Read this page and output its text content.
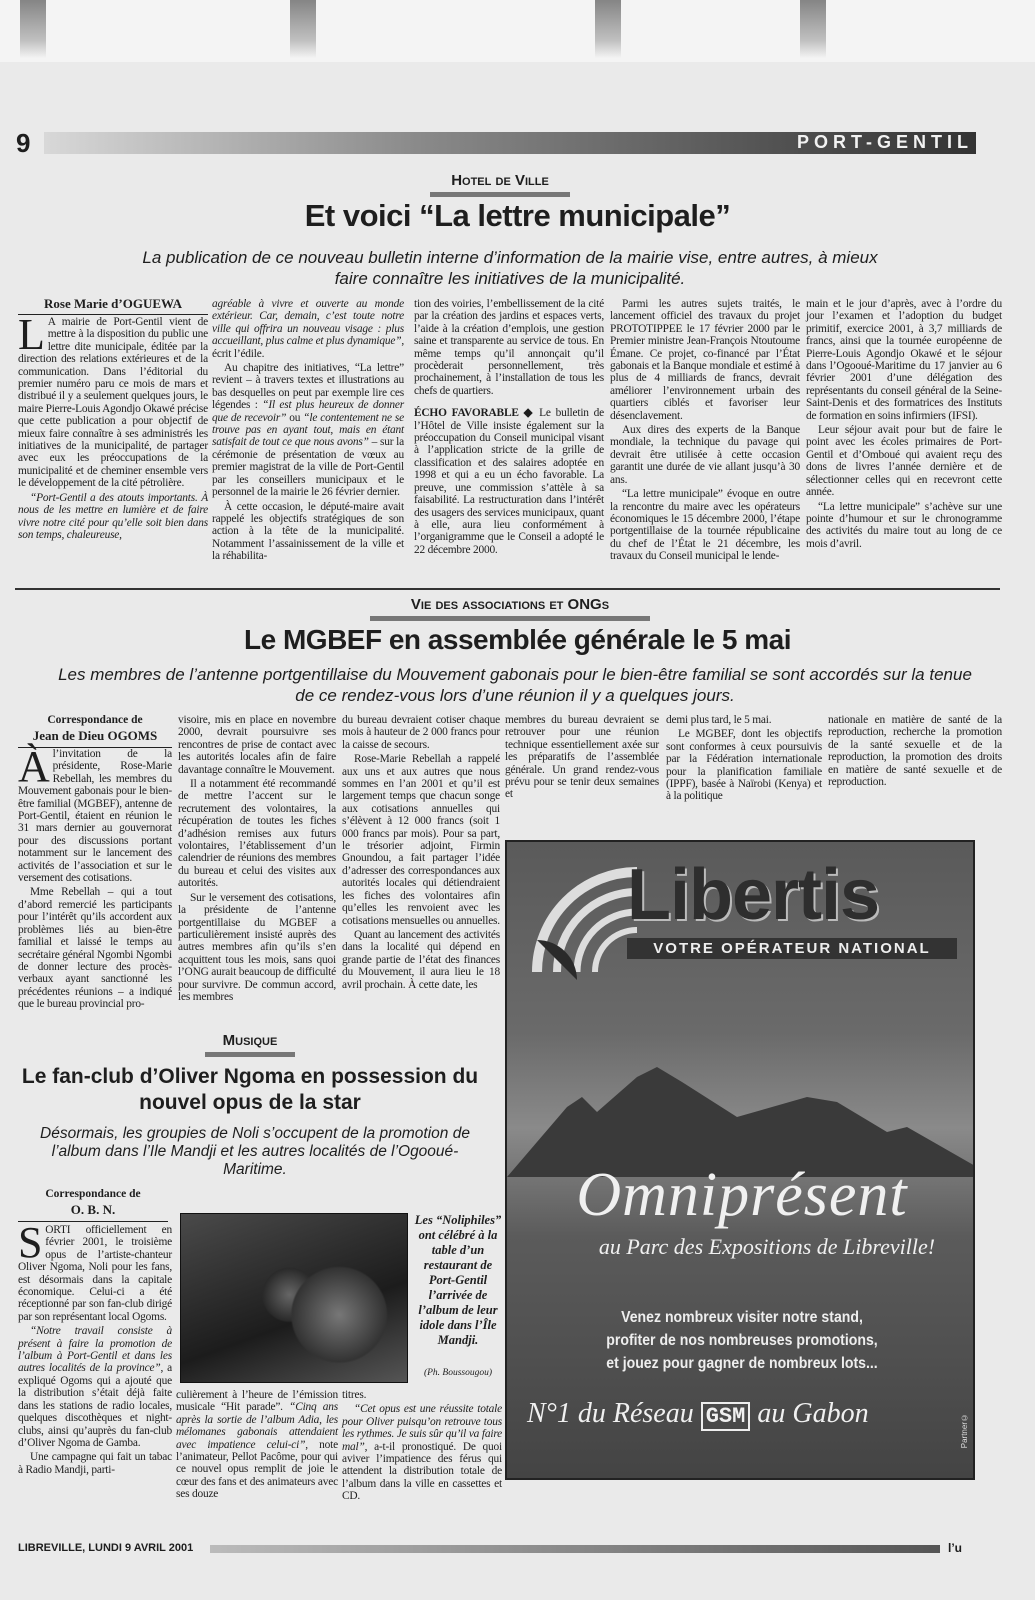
9	PORT-GENTIL
Hotel de Ville
Et voici “La lettre municipale”
La publication de ce nouveau bulletin interne d’information de la mairie vise, entre autres, à mieux faire connaître les initiatives de la municipalité.
Rose Marie d’OGUEWA

L A mairie de Port-Gentil vient de mettre à la disposition du public une lettre dite municipale, éditée par la direction des relations extérieures et de la communication. Dans l’éditorial du premier numéro paru ce mois de mars et distribué il y a seulement quelques jours, le maire Pierre-Louis Agondjo Okawé précise que cette publication a pour objectif de mieux faire connaître à ses administrés les initiatives de la municipalité, de partager avec eux les préoccupations de la municipalité et de cheminer ensemble vers le développement de la cité pétrolière.

“Port-Gentil a des atouts importants. À nous de les mettre en lumière et de faire vivre notre cité pour qu’elle soit bien dans son temps, chaleureuse,

agréable à vivre et ouverte au monde extérieur. Car, demain, c’est toute notre ville qui offrira un nouveau visage : plus accueillant, plus calme et plus dynamique”, écrit l’édile.

Au chapitre des initiatives, “La lettre” revient – à travers textes et illustrations au bas desquelles on peut par exemple lire ces légendes : “Il est plus heureux de donner que de recevoir” ou “le contentement ne se trouve pas en ayant tout, mais en étant satisfait de tout ce que nous avons” – sur la cérémonie de présentation de vœux au premier magistrat de la ville de Port-Gentil par les conseillers municipaux et le personnel de la mairie le 26 février dernier.

À cette occasion, le député-maire avait rappelé les objectifs stratégiques de son action à la tête de la municipalité. Notamment l’assainissement de la ville et la réhabilita-

tion des voiries, l’embellissement de la cité par la création des jardins et espaces verts, l’aide à la création d’emplois, une gestion saine et transparente au service de tous. En même temps qu’il annonçait qu’il procèderait personnellement, très prochainement, à l’installation de tous les chefs de quartiers.

ÉCHO FAVORABLE ◆ Le bulletin de l’Hôtel de Ville insiste également sur la préoccupation du Conseil municipal visant à l’application stricte de la grille de classification et des salaires adoptée en 1998 et qui a eu un écho favorable. La preuve, une commission s’attèle à sa faisabilité. La restructuration dans l’intérêt des usagers des services municipaux, quant à elle, aura lieu conformément à l’organigramme que le Conseil a adopté le 22 décembre 2000.

Parmi les autres sujets traités, le lancement officiel des travaux du projet PROTOTIPPEE le 17 février 2000 par le Premier ministre Jean-François Ntoutoume Émane. Ce projet, co-financé par l’État gabonais et la Banque mondiale et estimé à plus de 4 milliards de francs, devrait améliorer l’environnement urbain des quartiers ciblés et favoriser leur désenclavement.

Aux dires des experts de la Banque mondiale, la technique du pavage qui devrait être utilisée à cette occasion garantit une durée de vie allant jusqu’à 30 ans.

“La lettre municipale” évoque en outre la rencontre du maire avec les opérateurs économiques le 15 décembre 2000, l’étape portgentillaise de la tournée républicaine du chef de l’État le 21 décembre, les travaux du Conseil municipal le lende-

main et le jour d’après, avec à l’ordre du jour l’examen et l’adoption du budget primitif, exercice 2001, à 3,7 milliards de francs, ainsi que la tournée européenne de Pierre-Louis Agondjo Okawé et le séjour dans l’Ogooué-Maritime du 17 janvier au 6 février 2001 d’une délégation des représentants du conseil général de la Seine-Saint-Denis et des formatrices des Instituts de formation en soins infirmiers (IFSI).

Leur séjour avait pour but de faire le point avec les écoles primaires de Port-Gentil et d’Omboué qui avaient reçu des dons de livres l’année dernière et de sélectionner celles qui en recevront cette année.

“La lettre municipale” s’achève sur une pointe d’humour et sur le chronogramme des activités du maire tout au long de ce mois d’avril.

Vie des associations et ONGs
Le MGBEF en assemblée générale le 5 mai
Les membres de l’antenne portgentillaise du Mouvement gabonais pour le bien-être familial se sont accordés sur la tenue de ce rendez-vous lors d’une réunion il y a quelques jours.
Correspondance de
Jean de Dieu OGOMS

Àl’invitation de la présidente, Rose-Marie Rebellah, les membres du Mouvement gabonais pour le bien-être familial (MGBEF), antenne de Port-Gentil, étaient en réunion le 31 mars dernier au gouvernorat pour des discussions portant notamment sur le lancement des activités de l’association et sur le versement des cotisations.

Mme Rebellah – qui a tout d’abord remercié les participants pour l’intérêt qu’ils accordent aux problèmes liés au bien-être familial et laissé le temps au secrétaire général Ngombi Ngombi de donner lecture des procès-verbaux ayant sanctionné les précédentes réunions – a indiqué que le bureau provincial pro-

visoire, mis en place en novembre 2000, devrait poursuivre ses rencontres de prise de contact avec les autorités locales afin de faire davantage connaître le Mouvement.

Il a notamment été recommandé de mettre l’accent sur le recrutement des volontaires, la récupération de toutes les fiches d’adhésion remises aux futurs volontaires, l’établissement d’un calendrier de réunions des membres du bureau et celui des visites aux autorités.

Sur le versement des cotisations, la présidente de l’antenne portgentillaise du MGBEF a particulièrement insisté auprès des autres membres afin qu’ils s’en acquittent tous les mois, sans quoi l’ONG aurait beaucoup de difficulté pour survivre. De commun accord, les membres

du bureau devraient cotiser chaque mois à hauteur de 2 000 francs pour la caisse de secours.

Rose-Marie Rebellah a rappelé aux uns et aux autres que nous sommes en l’an 2001 et qu’il est largement temps que chacun songe aux cotisations annuelles qui s’élèvent à 12 000 francs (soit 1 000 francs par mois). Pour sa part, le trésorier adjoint, Firmin Gnoundou, a fait partager l’idée d’adresser des correspondances aux autorités locales qui détiendraient les fiches des volontaires afin qu’elles les renvoient avec les cotisations mensuelles ou annuelles.

Quant au lancement des activités dans la localité qui dépend en grande partie de l’état des finances du Mouvement, il aura lieu le 18 avril prochain. À cette date, les

membres du bureau devraient se retrouver pour une réunion technique essentiellement axée sur les préparatifs de l’assemblée générale. Un grand rendez-vous prévu pour se tenir deux semaines et

demi plus tard, le 5 mai.

Le MGBEF, dont les objectifs sont conformes à ceux poursuivis par la Fédération internationale pour la planification familiale (IPPF), basée à Naïrobi (Kenya) et à la politique

nationale en matière de santé de la reproduction, recherche la promotion de la santé sexuelle et de la reproduction, la promotion des droits en matière de santé sexuelle et de reproduction.

Libertis
VOTRE OPÉRATEUR NATIONAL
Omniprésent
au Parc des Expositions de Libreville!
Venez nombreux visiter notre stand,
profiter de nos nombreuses promotions,
et jouez pour gagner de nombreux lots...
N°1 du Réseau GSM au Gabon	Partner©
Musique
Le fan-club d’Oliver Ngoma en possession du nouvel opus de la star
Désormais, les groupies de Noli s’occupent de la promotion de l’album dans l’Ile Mandji et les autres localités de l’Ogooué-Maritime.
Correspondance de
O. B. N.

SORTI officiellement en février 2001, le troisième opus de l’artiste-chanteur Oliver Ngoma, Noli pour les fans, est désormais dans la capitale économique. Celui-ci a été réceptionné par son fan-club dirigé par son représentant local Ogoms.

“Notre travail consiste à présent à faire la promotion de l’album à Port-Gentil et dans les autres localités de la province”, a expliqué Ogoms qui a ajouté que la distribution s’était déjà faite dans les stations de radio locales, quelques discothèques et night-clubs, ainsi qu’auprès du fan-club d’Oliver Ngoma de Gamba.

Une campagne qui fait un tabac à Radio Mandji, parti-

Les “Noliphiles” ont célébré à la table d’un restaurant de Port-Gentil l’arrivée de l’album de leur idole dans l’Île Mandji.
(Ph. Boussougou)

culièrement à l’heure de l’émission musicale “Hit parade”. “Cinq ans après la sortie de l’album Adia, les mélomanes gabonais attendaient avec impatience celui-ci”, note l’animateur, Pellot Pacôme, pour qui ce nouvel opus remplit de joie le cœur des fans et des animateurs avec ses douze

titres.

“Cet opus est une réussite totale pour Oliver puisqu’on retrouve tous les rythmes. Je suis sûr qu’il va faire mal”, a-t-il pronostiqué. De quoi aviver l’impatience des férus qui attendent la distribution totale de l’album dans la ville en cassettes et CD.

LIBREVILLE, LUNDI 9 AVRIL 2001	l’u
